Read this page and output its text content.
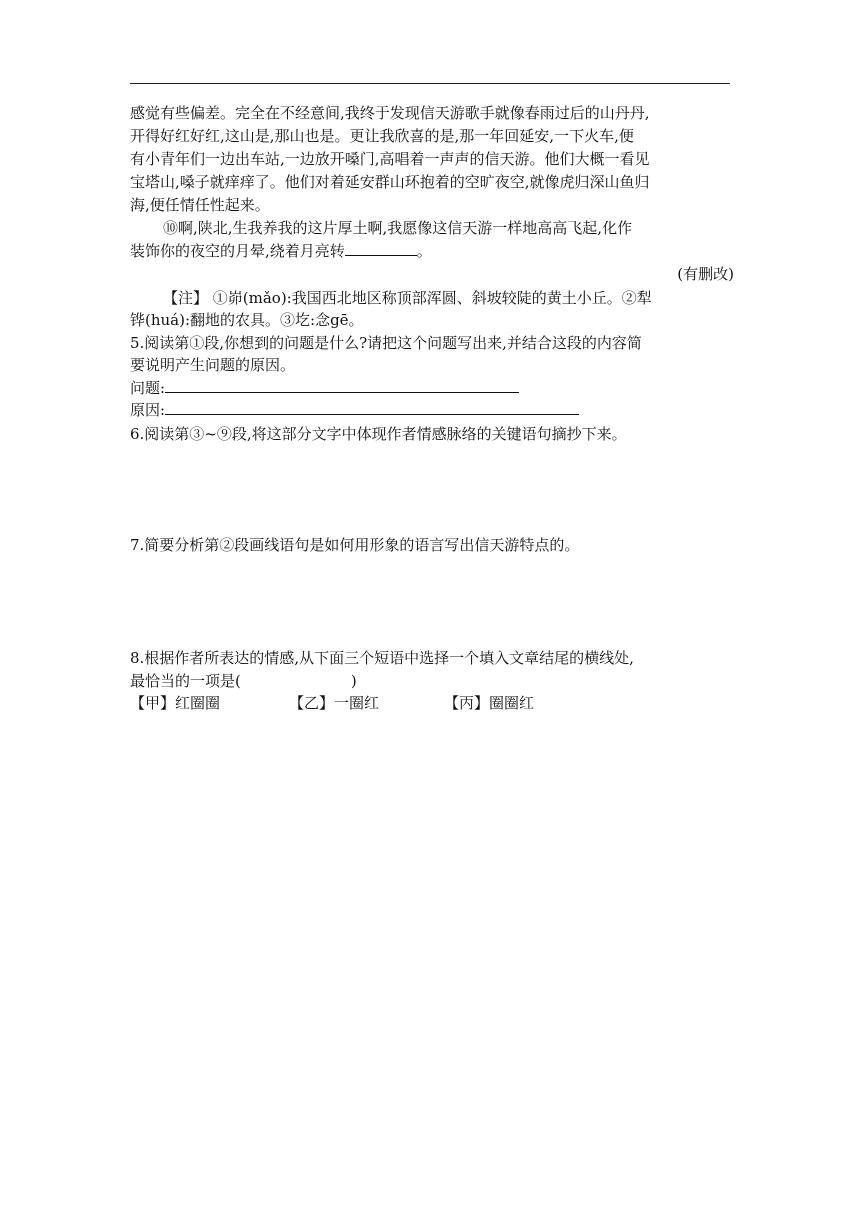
感觉有些偏差。完全在不经意间,我终于发现信天游歌手就像春雨过后的山丹丹,
开得好红好红,这山是,那山也是。更让我欣喜的是,那一年回延安,一下火车,便
有小青年们一边出车站,一边放开嗓门,高唱着一声声的信天游。他们大概一看见
宝塔山,嗓子就痒痒了。他们对着延安群山环抱着的空旷夜空,就像虎归深山鱼归
海,便任情任性起来。
⑩啊,陕北,生我养我的这片厚土啊,我愿像这信天游一样地高高飞起,化作
装饰你的夜空的月晕,绕着月亮转	。
(有删改)
【注】 ①峁(mǎo):我国西北地区称顶部浑圆、斜坡较陡的黄土小丘。②犁
铧(huá):翻地的农具。③圪:念gē。
5.阅读第①段,你想到的问题是什么?请把这个问题写出来,并结合这段的内容简
要说明产生问题的原因。
问题:
原因:
6.阅读第③~⑨段,将这部分文字中体现作者情感脉络的关键语句摘抄下来。
7.简要分析第②段画线语句是如何用形象的语言写出信天游特点的。
8.根据作者所表达的情感,从下面三个短语中选择一个填入文章结尾的横线处,
最恰当的一项是(	)
【甲】红圈圈	【乙】一圈红	【丙】圈圈红
